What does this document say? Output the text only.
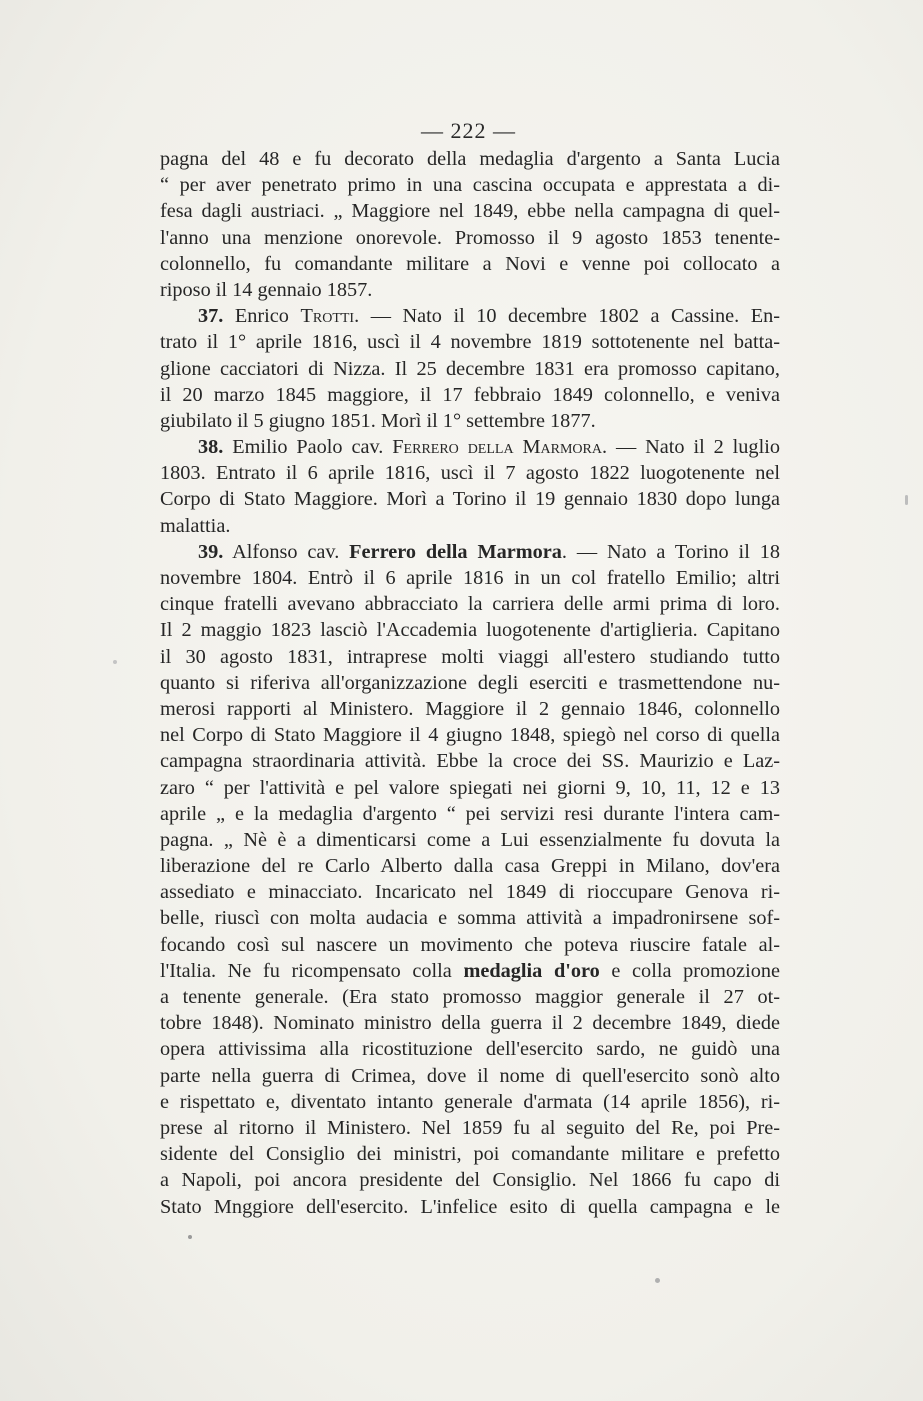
— 222 —
pagna del 48 e fu decorato della medaglia d'argento a Santa Lucia
“ per aver penetrato primo in una cascina occupata e apprestata a di-
fesa dagli austriaci. „ Maggiore nel 1849, ebbe nella campagna di quel-
l'anno una menzione onorevole. Promosso il 9 agosto 1853 tenente-
colonnello, fu comandante militare a Novi e venne poi collocato a
riposo il 14 gennaio 1857.
37. Enrico Trotti. — Nato il 10 decembre 1802 a Cassine. En-
trato il 1° aprile 1816, uscì il 4 novembre 1819 sottotenente nel batta-
glione cacciatori di Nizza. Il 25 decembre 1831 era promosso capitano,
il 20 marzo 1845 maggiore, il 17 febbraio 1849 colonnello, e veniva
giubilato il 5 giugno 1851. Morì il 1° settembre 1877.
38. Emilio Paolo cav. Ferrero della Marmora. — Nato il 2 luglio
1803. Entrato il 6 aprile 1816, uscì il 7 agosto 1822 luogotenente nel
Corpo di Stato Maggiore. Morì a Torino il 19 gennaio 1830 dopo lunga
malattia.
39. Alfonso cav. Ferrero della Marmora. — Nato a Torino il 18
novembre 1804. Entrò il 6 aprile 1816 in un col fratello Emilio; altri
cinque fratelli avevano abbracciato la carriera delle armi prima di loro.
Il 2 maggio 1823 lasciò l'Accademia luogotenente d'artiglieria. Capitano
il 30 agosto 1831, intraprese molti viaggi all'estero studiando tutto
quanto si riferiva all'organizzazione degli eserciti e trasmettendone nu-
merosi rapporti al Ministero. Maggiore il 2 gennaio 1846, colonnello
nel Corpo di Stato Maggiore il 4 giugno 1848, spiegò nel corso di quella
campagna straordinaria attività. Ebbe la croce dei SS. Maurizio e Laz-
zaro “ per l'attività e pel valore spiegati nei giorni 9, 10, 11, 12 e 13
aprile „ e la medaglia d'argento “ pei servizi resi durante l'intera cam-
pagna. „ Nè è a dimenticarsi come a Lui essenzialmente fu dovuta la
liberazione del re Carlo Alberto dalla casa Greppi in Milano, dov'era
assediato e minacciato. Incaricato nel 1849 di rioccupare Genova ri-
belle, riuscì con molta audacia e somma attività a impadronirsene sof-
focando così sul nascere un movimento che poteva riuscire fatale al-
l'Italia. Ne fu ricompensato colla medaglia d'oro e colla promozione
a tenente generale. (Era stato promosso maggior generale il 27 ot-
tobre 1848). Nominato ministro della guerra il 2 decembre 1849, diede
opera attivissima alla ricostituzione dell'esercito sardo, ne guidò una
parte nella guerra di Crimea, dove il nome di quell'esercito sonò alto
e rispettato e, diventato intanto generale d'armata (14 aprile 1856), ri-
prese al ritorno il Ministero. Nel 1859 fu al seguito del Re, poi Pre-
sidente del Consiglio dei ministri, poi comandante militare e prefetto
a Napoli, poi ancora presidente del Consiglio. Nel 1866 fu capo di
Stato Mnggiore dell'esercito. L'infelice esito di quella campagna e le
